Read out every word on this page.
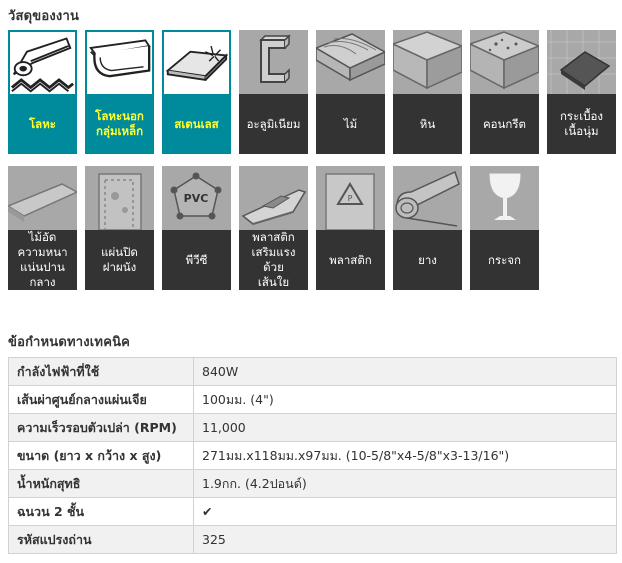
วัสดุของงาน
โลหะ
โลหะนอก
กลุ่มเหล็ก
สเตนเลส	อะลูมิเนียม	ไม้	หิน	คอนกรีต
กระเบื้อง
เนื้อนุ่ม
ไม้อัด
ความหนา
แน่นปาน
กลาง
แผ่นปิด
ฝาผนัง
PVC
พีวีซี
พลาสติก
เสริมแรง
ด้วย
เส้นใย
P
พลาสติก	ยาง	กระจก
ข้อกำหนดทางเทคนิค
กำลังไฟฟ้าที่ใช้	840W
เส้นผ่าศูนย์กลางแผ่นเจีย	100มม. (4")
ความเร็วรอบตัวเปล่า (RPM)	11,000
ขนาด (ยาว x กว้าง x สูง)	271มม.x118มม.x97มม. (10-5/8"x4-5/8"x3-13/16")
น้ำหนักสุทธิ	1.9กก. (4.2ปอนด์)
ฉนวน 2 ชั้น	✔
รหัสแปรงถ่าน	325
